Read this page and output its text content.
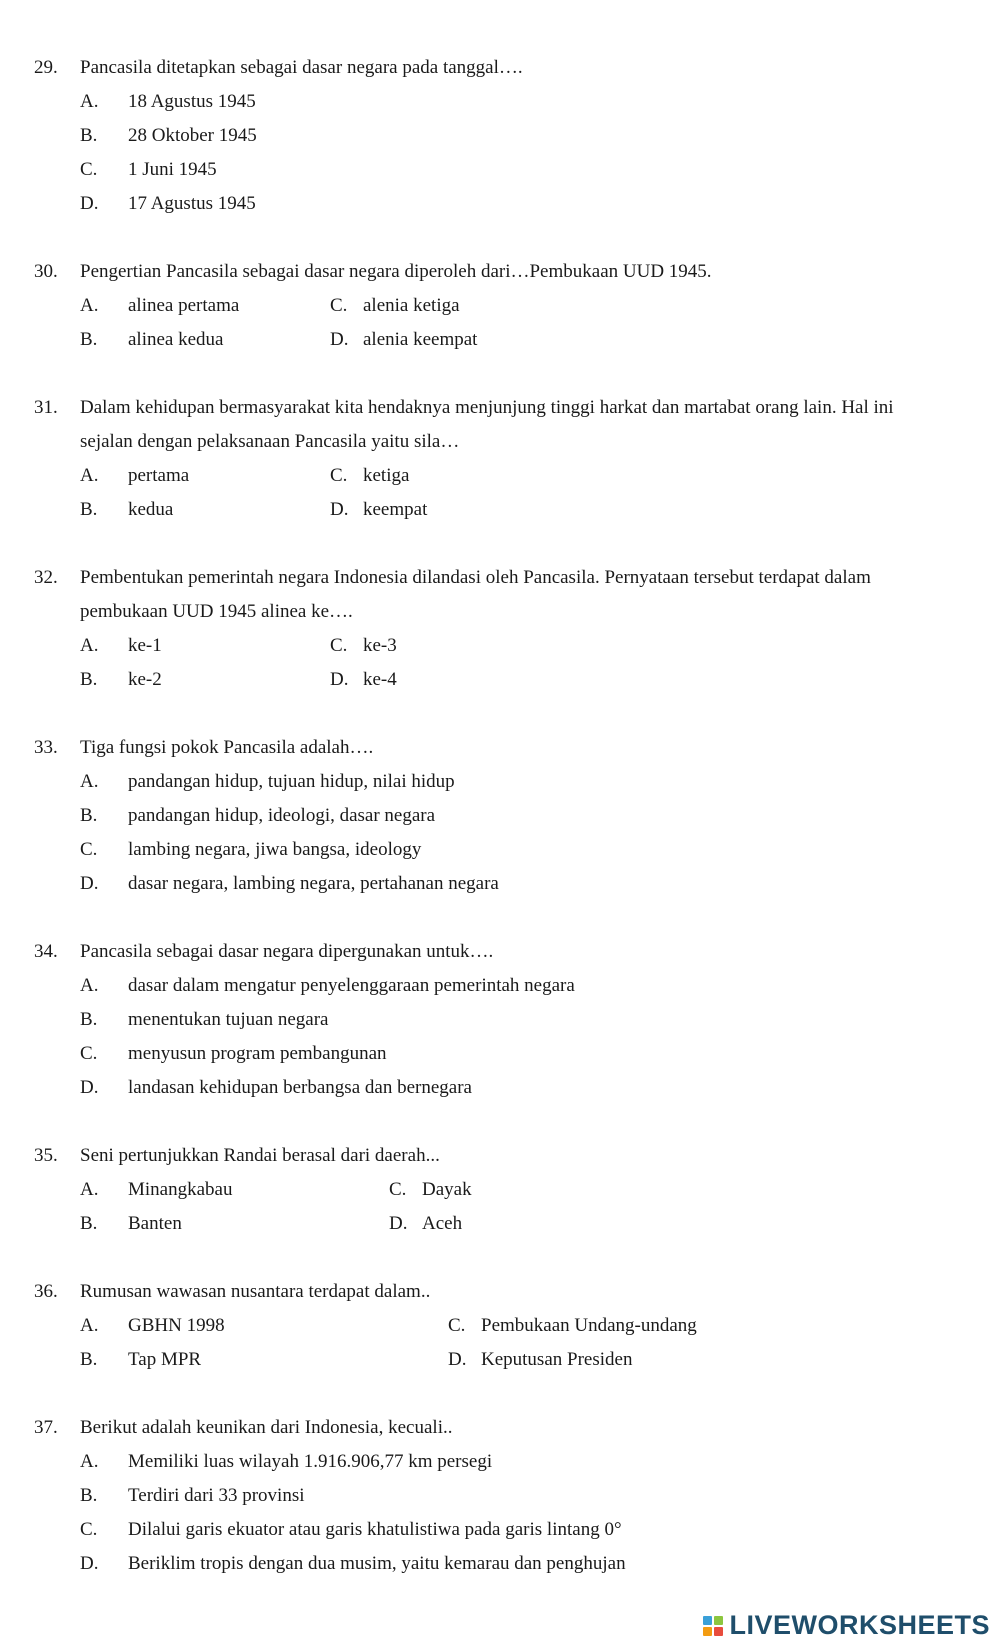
29. Pancasila ditetapkan sebagai dasar negara pada tanggal….
A. 18 Agustus 1945
B. 28 Oktober 1945
C. 1 Juni 1945
D. 17 Agustus 1945
30. Pengertian Pancasila sebagai dasar negara diperoleh dari…Pembukaan UUD 1945.
A. alinea pertama
B. alinea kedua
C. alenia ketiga
D. alenia keempat
31. Dalam kehidupan bermasyarakat kita hendaknya menjunjung tinggi harkat dan martabat orang lain. Hal ini
sejalan dengan pelaksanaan Pancasila yaitu sila…
A. pertama
B. kedua
C. ketiga
D. keempat
32. Pembentukan pemerintah negara Indonesia dilandasi oleh Pancasila. Pernyataan tersebut terdapat dalam
pembukaan UUD 1945 alinea ke….
A. ke-1
B. ke-2
C. ke-3
D. ke-4
33. Tiga fungsi pokok Pancasila adalah….
A. pandangan hidup, tujuan hidup, nilai hidup
B. pandangan hidup, ideologi, dasar negara
C. lambing negara, jiwa bangsa, ideology
D. dasar negara, lambing negara, pertahanan negara
34. Pancasila sebagai dasar negara dipergunakan untuk….
A. dasar dalam mengatur penyelenggaraan pemerintah negara
B. menentukan tujuan negara
C. menyusun program pembangunan
D. landasan kehidupan berbangsa dan bernegara
35. Seni pertunjukkan Randai berasal dari daerah...
A. Minangkabau
B. Banten
C. Dayak
D. Aceh
36. Rumusan wawasan nusantara terdapat dalam..
A. GBHN 1998
B. Tap MPR
C. Pembukaan Undang-undang
D. Keputusan Presiden
37. Berikut adalah keunikan dari Indonesia, kecuali..
A. Memiliki luas wilayah 1.916.906,77 km persegi
B. Terdiri dari 33 provinsi
C. Dilalui garis ekuator atau garis khatulistiwa pada garis lintang 0°
D. Beriklim tropis dengan dua musim, yaitu kemarau dan penghujan
LIVEWORKSHEETS
